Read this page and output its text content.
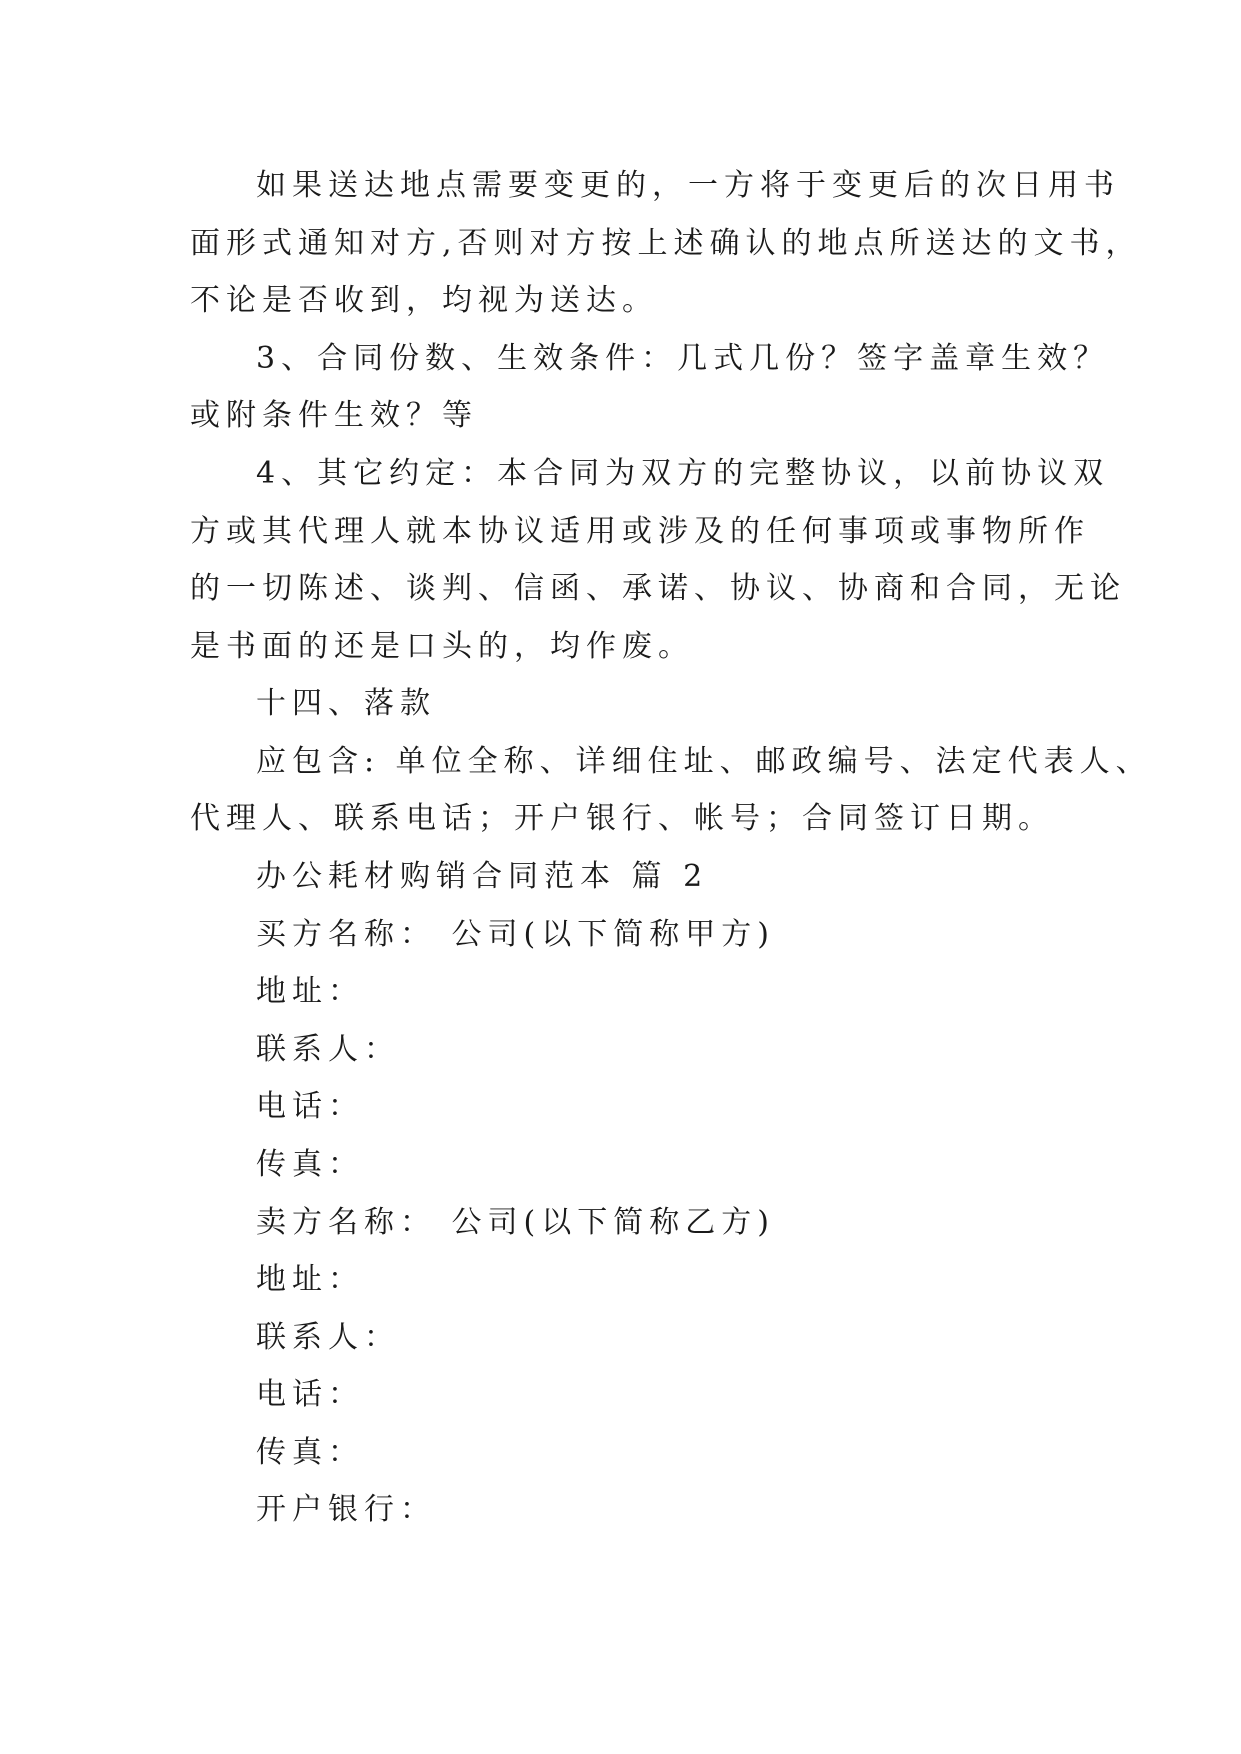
如果送达地点需要变更的，一方将于变更后的次日用书
面形式通知对方,否则对方按上述确认的地点所送达的文书，
不论是否收到，均视为送达。
3、合同份数、生效条件：几式几份？签字盖章生效？
或附条件生效？等
4、其它约定：本合同为双方的完整协议，以前协议双
方或其代理人就本协议适用或涉及的任何事项或事物所作
的一切陈述、谈判、信函、承诺、协议、协商和合同，无论
是书面的还是口头的，均作废。
十四、落款
应包含: 单位全称、详细住址、邮政编号、法定代表人、
代理人、联系电话；开户银行、帐号；合同签订日期。
办公耗材购销合同范本 篇 2
买方名称： 公司(以下简称甲方)
地址：
联系人：
电话：
传真：
卖方名称： 公司(以下简称乙方)
地址：
联系人：
电话：
传真：
开户银行：
